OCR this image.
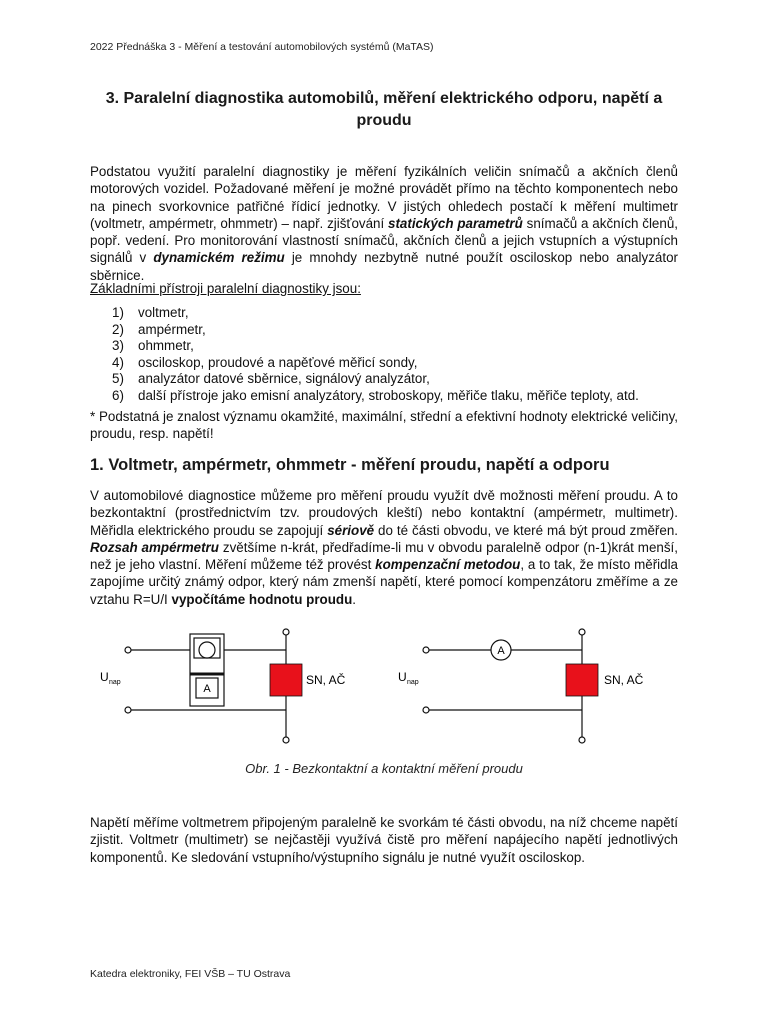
2022 Přednáška 3 - Měření a testování automobilových systémů (MaTAS)
3. Paralelní diagnostika automobilů, měření elektrického odporu, napětí a proudu

Podstatou využití paralelní diagnostiky je měření fyzikálních veličin snímačů a akčních členů motorových vozidel. Požadované měření je možné provádět přímo na těchto komponentech nebo na pinech svorkovnice patřičné řídicí jednotky. V jistých ohledech postačí k měření multimetr (voltmetr, ampérmetr, ohmmetr) – např. zjišťování statických parametrů snímačů a akčních členů, popř. vedení. Pro monitorování vlastností snímačů, akčních členů a jejich vstupních a výstupních signálů v dynamickém režimu je mnohdy nezbytně nutné použít osciloskop nebo analyzátor sběrnice.

Základními přístroji paralelní diagnostiky jsou:
1)	voltmetr,
2)	ampérmetr,
3)	ohmmetr,
4)	osciloskop, proudové a napěťové měřicí sondy,
5)	analyzátor datové sběrnice, signálový analyzátor,
6)	další přístroje jako emisní analyzátory, stroboskopy, měřiče tlaku, měřiče teploty, atd.

* Podstatná je znalost významu okamžité, maximální, střední a efektivní hodnoty elektrické veličiny, proudu, resp. napětí!

1. Voltmetr, ampérmetr, ohmmetr - měření proudu, napětí a odporu

V automobilové diagnostice můžeme pro měření proudu využít dvě možnosti měření proudu. A to bezkontaktní (prostřednictvím tzv. proudových kleští) nebo kontaktní (ampérmetr, multimetr). Měřidla elektrického proudu se zapojují sériově do té části obvodu, ve které má být proud změřen. Rozsah ampérmetru zvětšíme n-krát, předřadíme-li mu v obvodu paralelně odpor (n-1)krát menší, než je jeho vlastní. Měření můžeme též provést kompenzační metodou, a to tak, že místo měřidla zapojíme určitý známý odpor, který nám zmenší napětí, které pomocí kompenzátoru změříme a ze vztahu R=U/I vypočítáme hodnotu proudu.

A
SN, AČ
U nap
A
SN, AČ
U nap
Obr. 1 - Bezkontaktní a kontaktní měření proudu

Napětí měříme voltmetrem připojeným paralelně ke svorkám té části obvodu, na níž chceme napětí zjistit. Voltmetr (multimetr) se nejčastěji využívá čistě pro měření napájecího napětí jednotlivých komponentů. Ke sledování vstupního/výstupního signálu je nutné využít osciloskop.

Katedra elektroniky, FEI VŠB – TU Ostrava
